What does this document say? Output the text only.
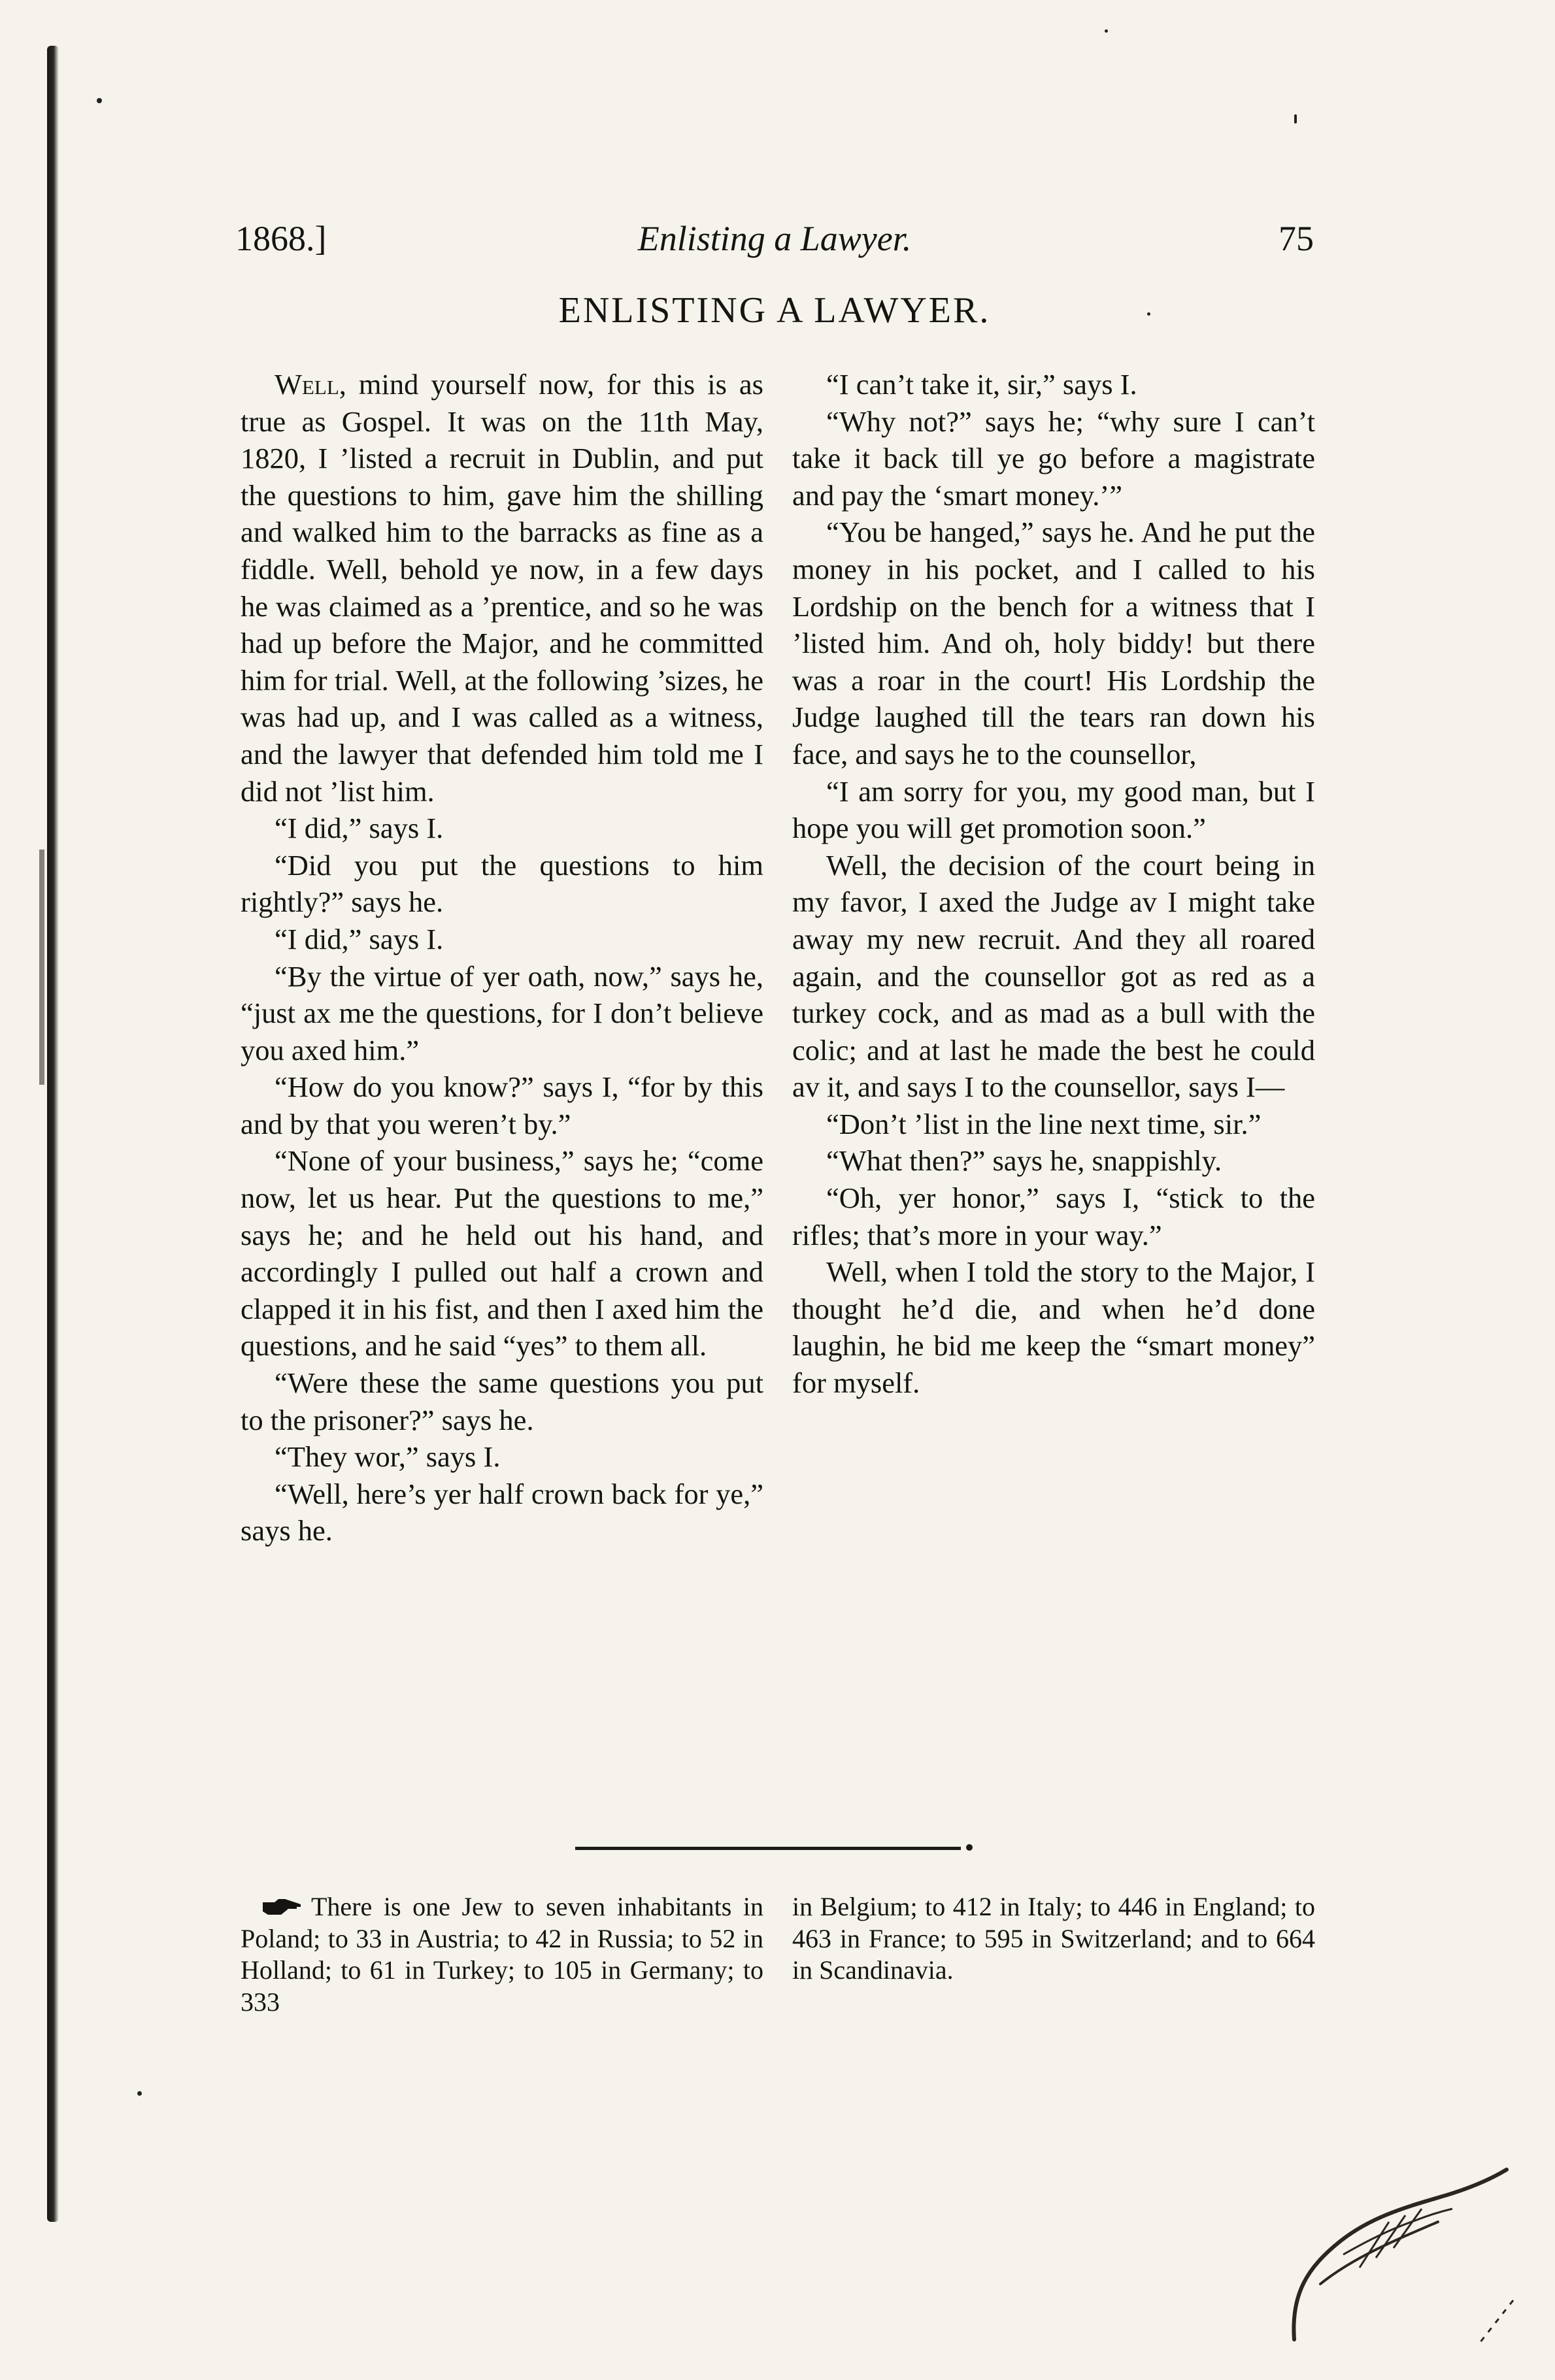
1868.]	Enlisting a Lawyer.	75
ENLISTING A LAWYER.

Well, mind yourself now, for this is as true as Gospel. It was on the 11th May, 1820, I ’listed a recruit in Dublin, and put the questions to him, gave him the shilling and walked him to the barracks as fine as a fiddle. Well, behold ye now, in a few days he was claimed as a ’prentice, and so he was had up before the Major, and he committed him for trial. Well, at the following ’sizes, he was had up, and I was called as a witness, and the lawyer that defended him told me I did not ’list him.

“I did,” says I.

“Did you put the questions to him rightly?” says he.

“I did,” says I.

“By the virtue of yer oath, now,” says he, “just ax me the questions, for I don’t believe you axed him.”

“How do you know?” says I, “for by this and by that you weren’t by.”

“None of your business,” says he; “come now, let us hear. Put the questions to me,” says he; and he held out his hand, and accordingly I pulled out half a crown and clapped it in his fist, and then I axed him the questions, and he said “yes” to them all.

“Were these the same questions you put to the prisoner?” says he.

“They wor,” says I.

“Well, here’s yer half crown back for ye,” says he.

“I can’t take it, sir,” says I.

“Why not?” says he; “why sure I can’t take it back till ye go before a magistrate and pay the ‘smart money.’”

“You be hanged,” says he. And he put the money in his pocket, and I called to his Lordship on the bench for a witness that I ’listed him. And oh, holy biddy! but there was a roar in the court! His Lordship the Judge laughed till the tears ran down his face, and says he to the counsellor,

“I am sorry for you, my good man, but I hope you will get promotion soon.”

Well, the decision of the court being in my favor, I axed the Judge av I might take away my new recruit. And they all roared again, and the counsellor got as red as a turkey cock, and as mad as a bull with the colic; and at last he made the best he could av it, and says I to the counsellor, says I—

“Don’t ’list in the line next time, sir.”

“What then?” says he, snappishly.

“Oh, yer honor,” says I, “stick to the rifles; that’s more in your way.”

Well, when I told the story to the Major, I thought he’d die, and when he’d done laughin, he bid me keep the “smart money” for myself.

There is one Jew to seven inhabitants in Poland; to 33 in Austria; to 42 in Russia; to 52 in Holland; to 61 in Turkey; to 105 in Germany; to 333
in Belgium; to 412 in Italy; to 446 in England; to 463 in France; to 595 in Switzerland; and to 664 in Scandinavia.
